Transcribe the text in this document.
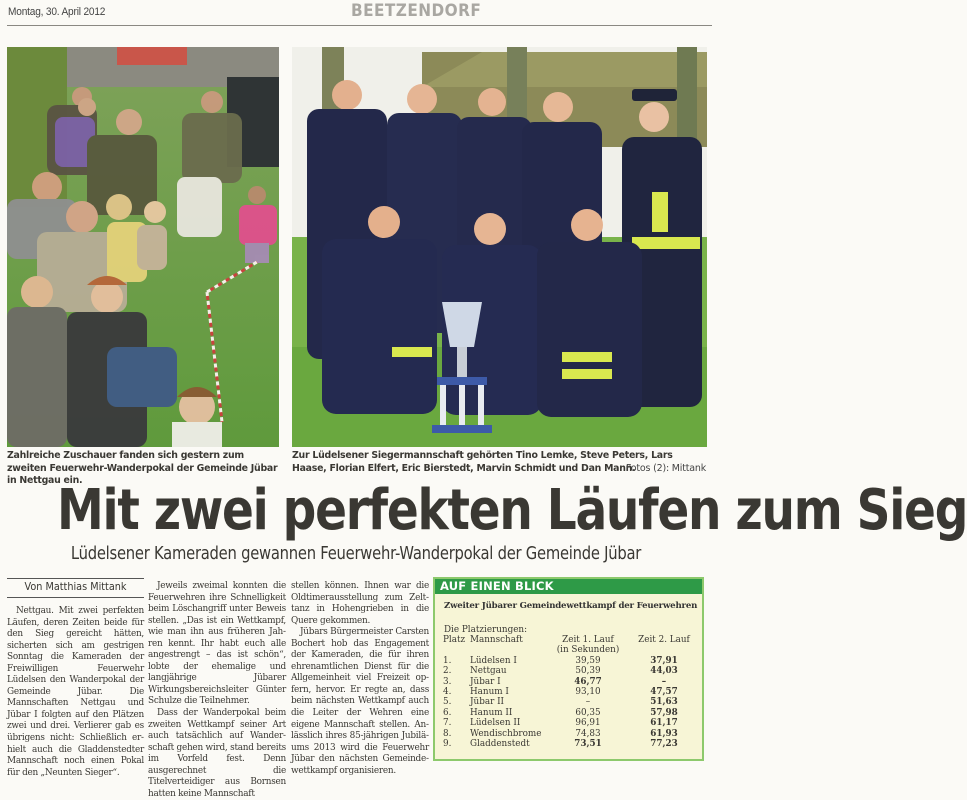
Montag, 30. April 2012	BEETZENDORF
Zahlreiche Zuschauer fanden sich gestern zum zweiten Feuerwehr-Wanderpokal der Gemeinde Jübar in Nettgau ein.
Zur Lüdelsener Siegermannschaft gehörten Tino Lemke, Steve Peters, Lars Haase, Florian Elfert, Eric Bierstedt, Marvin Schmidt und Dan Mann.
Fotos (2): Mittank
Mit zwei perfekten Läufen zum Sieg
Lüdelsener Kameraden gewannen Feuerwehr-Wanderpokal der Gemeinde Jübar
Von Matthias Mittank

Nettgau. Mit zwei perfekten Läufen, deren Zeiten beide für den Sieg gereicht hätten, sicherten sich am gestrigen Sonntag die Kameraden der Freiwilligen Feuerwehr Lüdelsen den Wanderpokal der Gemeinde Jübar. Die Mannschaften Nettgau und Jübar I folgten auf den Plätzen zwei und drei. Verlierer gab es übrigens nicht: Schließlich erhielt auch die Gladdenstedter Mannschaft noch einen Pokal für den „Neunten Sieger“.

Jeweils zweimal konnten die Feuerwehren ihre Schnelligkeit beim Löschangriff unter Beweis stellen. „Das ist ein Wettkampf, wie man ihn aus früheren Jahren kennt. Ihr habt euch alle angestrengt – das ist schön“, lobte der ehemalige und langjährige Jübarer Wirkungsbereichsleiter Günter Schulze die Teilnehmer.

Dass der Wanderpokal beim zweiten Wettkampf seiner Art auch tatsächlich auf Wanderschaft gehen wird, stand bereits im Vorfeld fest. Denn ausgerechnet die Titelverteidiger aus Bornsen hatten keine Mannschaft

stellen können. Ihnen war die Oldtimerausstellung zum Zelttanz in Hohengrieben in die Quere gekommen.

Jübars Bürgermeister Carsten Bochert hob das Engagement der Kameraden, die für ihren ehrenamtlichen Dienst für die Allgemeinheit viel Freizeit opfern, hervor. Er regte an, dass beim nächsten Wettkampf auch die Leiter der Wehren eine eigene Mannschaft stellen. Anlässlich ihres 85-jährigen Jubiläums 2013 wird die Feuerwehr Jübar den nächsten Gemeindewettkampf organisieren.

AUF EINEN BLICK
Zweiter Jübarer Gemeindewettkampf der Feuerwehren
Die Platzierungen:
Platz	Mannschaft	Zeit 1. Lauf	Zeit 2. Lauf
		(in Sekunden)	
1.	Lüdelsen I	39,59	37,91
2.	Nettgau	50,39	44,03
3.	Jübar I	46,77	–
4.	Hanum I	93,10	47,57
5.	Jübar II	–	51,63
6.	Hanum II	60,35	57,98
7.	Lüdelsen II	96,91	61,17
8.	Wendischbrome	74,83	61,93
9.	Gladdenstedt	73,51	77,23
